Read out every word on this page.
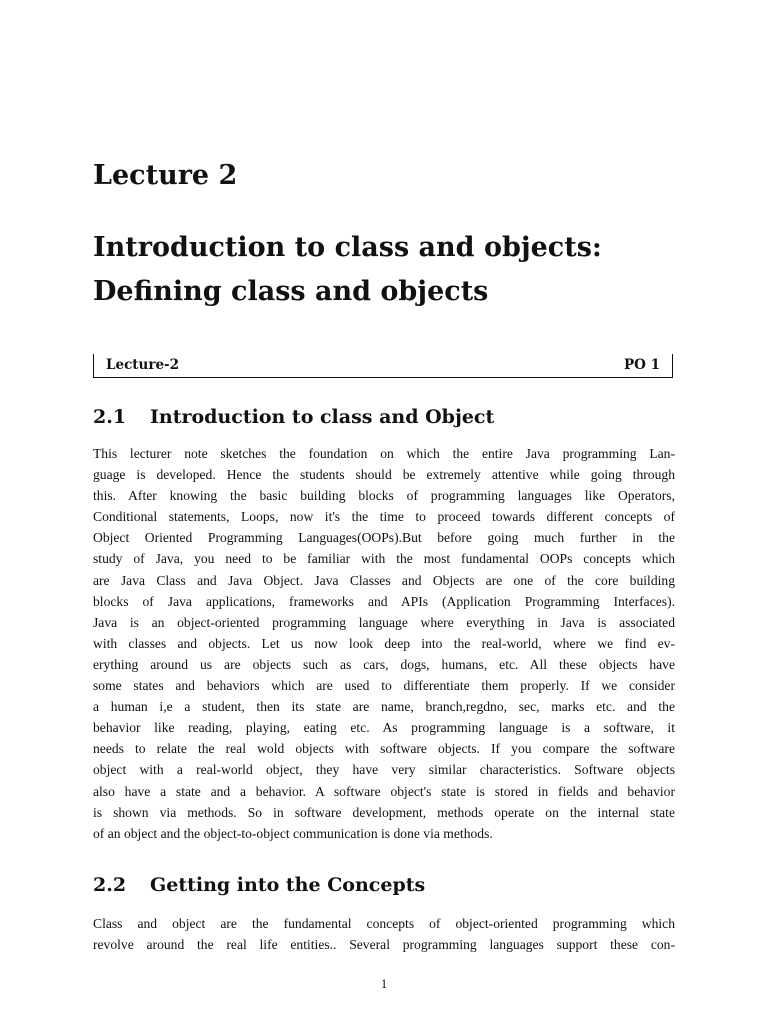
Lecture 2
Introduction to class and objects:
Defining class and objects
Lecture-2	PO 1
2.1 Introduction to class and Object
This lecturer note sketches the foundation on which the entire Java programming Lan-
guage is developed. Hence the students should be extremely attentive while going through
this. After knowing the basic building blocks of programming languages like Operators,
Conditional statements, Loops, now it's the time to proceed towards different concepts of
Object Oriented Programming Languages(OOPs).But before going much further in the
study of Java, you need to be familiar with the most fundamental OOPs concepts which
are Java Class and Java Object. Java Classes and Objects are one of the core building
blocks of Java applications, frameworks and APIs (Application Programming Interfaces).
Java is an object-oriented programming language where everything in Java is associated
with classes and objects. Let us now look deep into the real-world, where we find ev-
erything around us are objects such as cars, dogs, humans, etc. All these objects have
some states and behaviors which are used to differentiate them properly. If we consider
a human i,e a student, then its state are name, branch,regdno, sec, marks etc. and the
behavior like reading, playing, eating etc. As programming language is a software, it
needs to relate the real wold objects with software objects. If you compare the software
object with a real-world object, they have very similar characteristics. Software objects
also have a state and a behavior. A software object's state is stored in fields and behavior
is shown via methods. So in software development, methods operate on the internal state
of an object and the object-to-object communication is done via methods.
2.2 Getting into the Concepts
Class and object are the fundamental concepts of object-oriented programming which
revolve around the real life entities.. Several programming languages support these con-
1
